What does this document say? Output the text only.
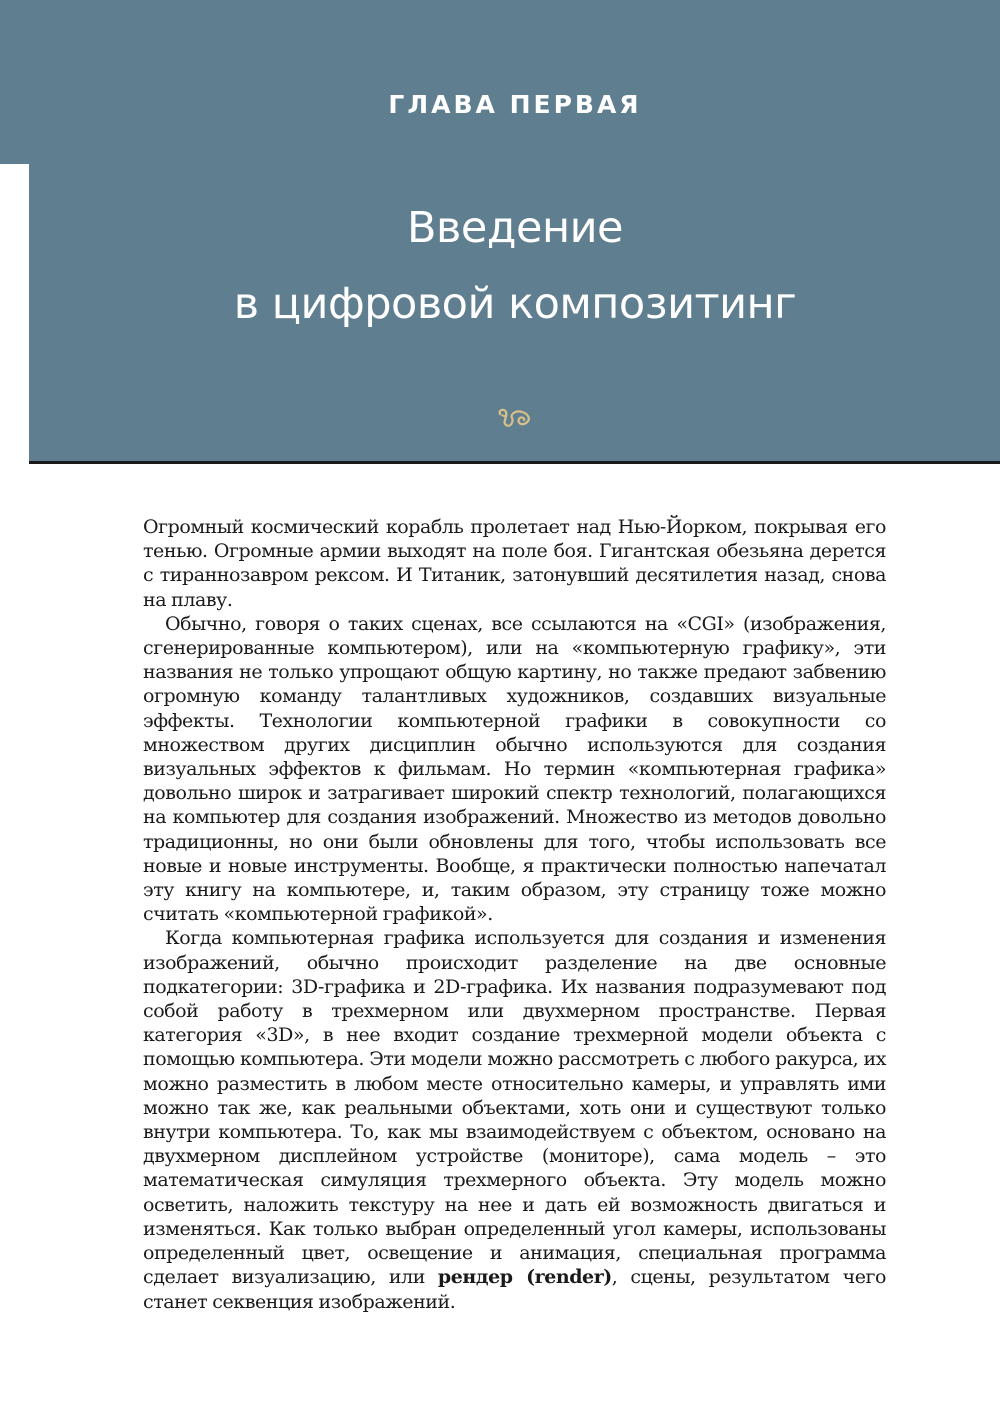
ГЛАВА ПЕРВАЯ
Введение
в цифровой композитинг

Огромный космический корабль пролетает над Нью-Йорком, покрывая его тенью. Огромные армии выходят на поле боя. Гигантская обезьяна дерется с тираннозавром рексом. И Титаник, затонувший десятилетия назад, снова на плаву.

Обычно, говоря о таких сценах, все ссылаются на «CGI» (изображения, сгенерированные компьютером), или на «компьютерную графику», эти названия не только упрощают общую картину, но также предают забвению огромную команду талантливых художников, создавших визуальные эффекты. Технологии компьютерной графики в совокупности со множеством других дисциплин обычно используются для создания визуальных эффектов к фильмам. Но термин «компьютерная графика» довольно широк и затрагивает широкий спектр технологий, полагающихся на компьютер для создания изображений. Множество из методов довольно традиционны, но они были обновлены для того, чтобы использовать все новые и новые инструменты. Вообще, я практически полностью напечатал эту книгу на компьютере, и, таким образом, эту страницу тоже можно считать «компьютерной графикой».

Когда компьютерная графика используется для создания и изменения изображений, обычно происходит разделение на две основные подкатегории: 3D-графика и 2D-графика. Их названия подразумевают под собой работу в трехмерном или двухмерном пространстве. Первая категория «3D», в нее входит создание трехмерной модели объекта с помощью компьютера. Эти модели можно рассмотреть с любого ракурса, их можно разместить в любом месте относительно камеры, и управлять ими можно так же, как реальными объектами, хоть они и существуют только внутри компьютера. То, как мы взаимодействуем с объектом, основано на двухмерном дисплейном устройстве (мониторе), сама модель – это математическая симуляция трехмерного объекта. Эту модель можно осветить, наложить текстуру на нее и дать ей возможность двигаться и изменяться. Как только выбран определенный угол камеры, использованы определенный цвет, освещение и анимация, специальная программа сделает визуализацию, или рендер (render), сцены, результатом чего станет секвенция изображений.
